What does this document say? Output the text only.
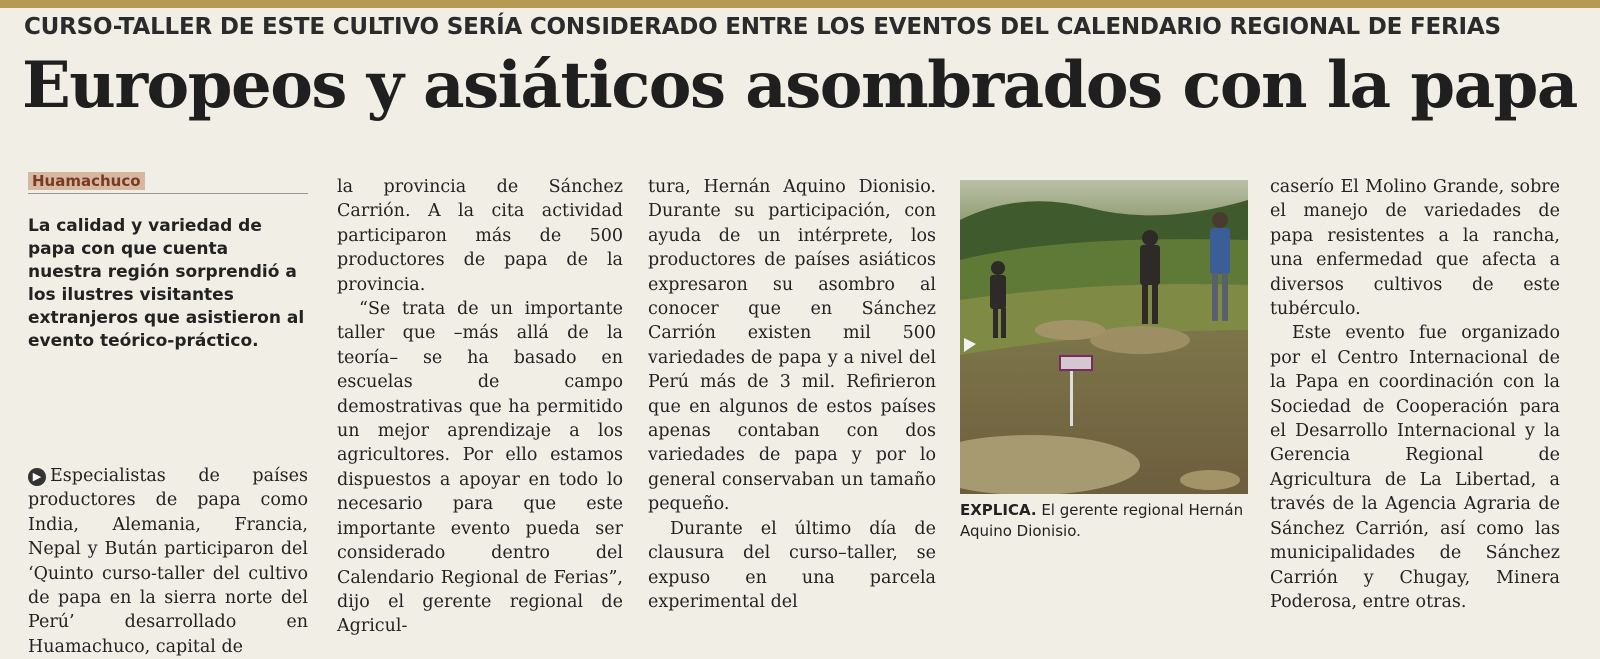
CURSO-TALLER DE ESTE CULTIVO SERÍA CONSIDERADO ENTRE LOS EVENTOS DEL CALENDARIO REGIONAL DE FERIAS
Europeos y asiáticos asombrados con la papa
Huamachuco
La calidad y variedad de papa con que cuenta nuestra región sorprendió a los ilustres visitantes extranjeros que asistieron al evento teórico-práctico.

▶ Especialistas de países productores de papa como India, Alemania, Francia, Nepal y Bután participaron del ‘Quinto curso-taller del cultivo de papa en la sierra norte del Perú’ desarrollado en Huamachuco, capital de

la provincia de Sánchez Carrión. A la cita actividad participaron más de 500 productores de papa de la provincia.

“Se trata de un importante taller que –más allá de la teoría– se ha basado en escuelas de campo demostrativas que ha permitido un mejor aprendizaje a los agricultores. Por ello estamos dispuestos a apoyar en todo lo necesario para que este importante evento pueda ser considerado dentro del Calendario Regional de Ferias”, dijo el gerente regional de Agricul-

tura, Hernán Aquino Dionisio. Durante su participación, con ayuda de un intérprete, los productores de países asiáticos expresaron su asombro al conocer que en Sánchez Carrión existen mil 500 variedades de papa y a nivel del Perú más de 3 mil. Refirieron que en algunos de estos países apenas contaban con dos variedades de papa y por lo general conservaban un tamaño pequeño.

Durante el último día de clausura del curso–taller, se expuso en una parcela experimental del

EXPLICA. El gerente regional Hernán Aquino Dionisio.

caserío El Molino Grande, sobre el manejo de variedades de papa resistentes a la rancha, una enfermedad que afecta a diversos cultivos de este tubérculo.

Este evento fue organizado por el Centro Internacional de la Papa en coordinación con la Sociedad de Cooperación para el Desarrollo Internacional y la Gerencia Regional de Agricultura de La Libertad, a través de la Agencia Agraria de Sánchez Carrión, así como las municipalidades de Sánchez Carrión y Chugay, Minera Poderosa, entre otras.
